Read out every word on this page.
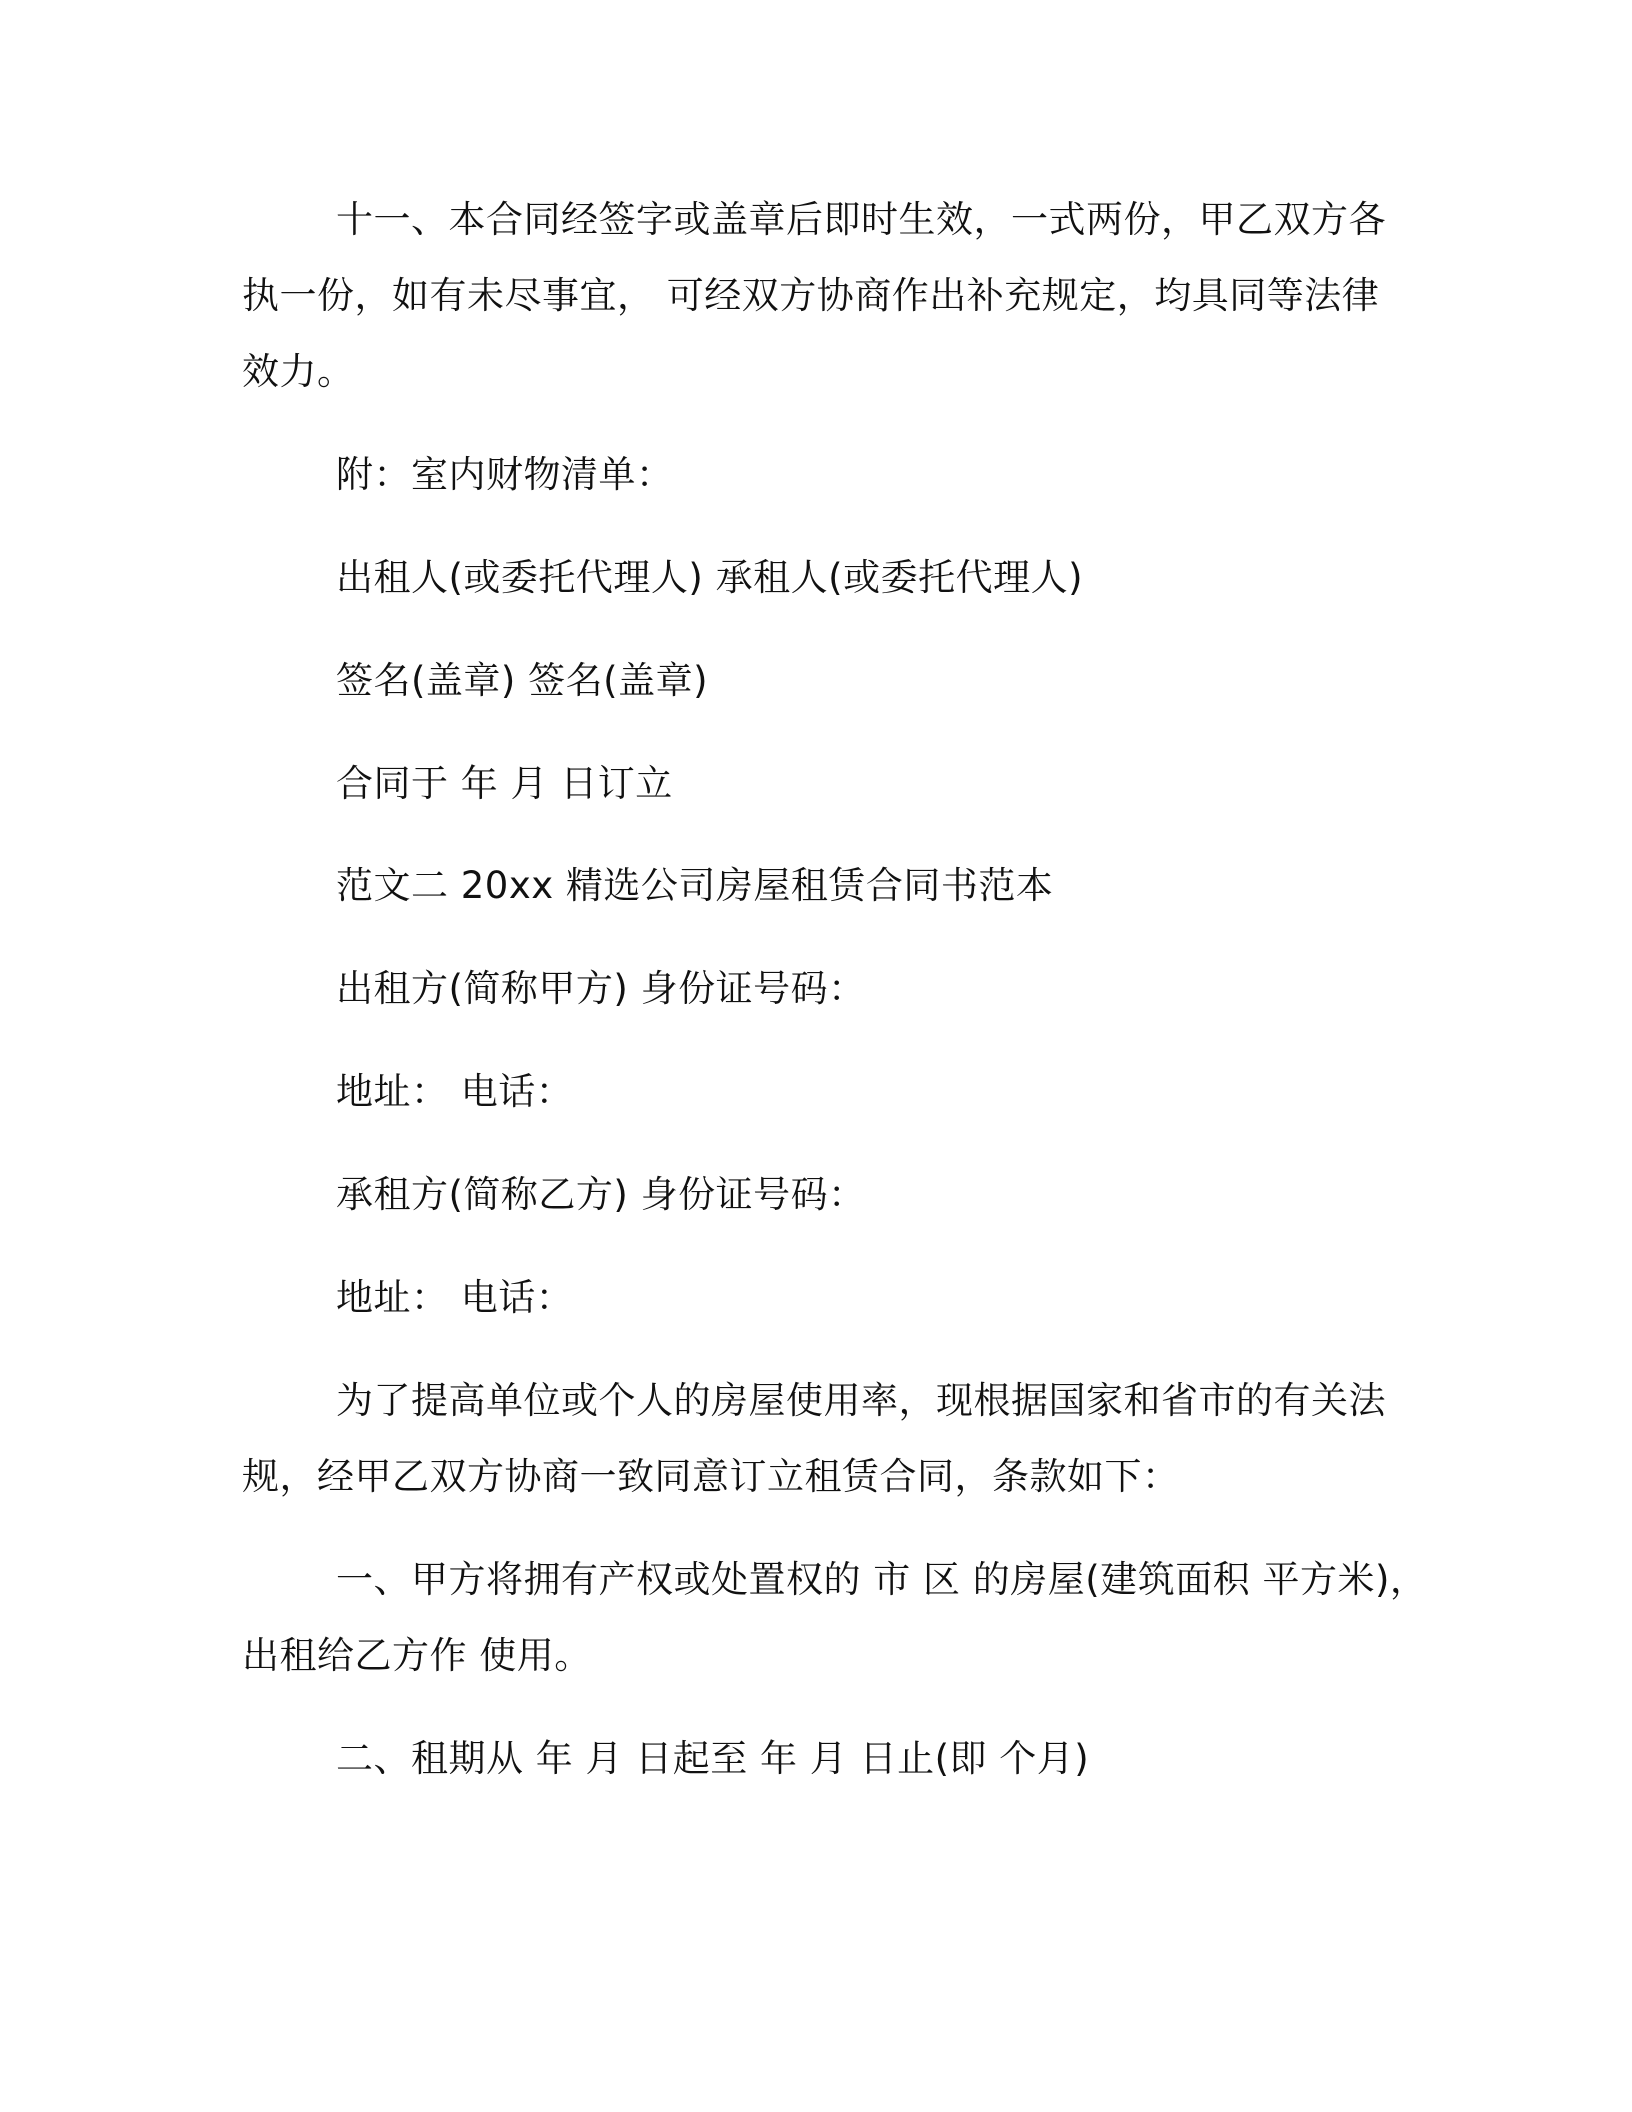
十一、本合同经签字或盖章后即时生效，一式两份，甲乙双方各
执一份，如有未尽事宜， 可经双方协商作出补充规定，均具同等法律
效力。
附：室内财物清单：
出租人(或委托代理人) 承租人(或委托代理人)
签名(盖章) 签名(盖章)
合同于 年 月 日订立
范文二 20xx 精选公司房屋租赁合同书范本
出租方(简称甲方) 身份证号码：
地址： 电话：
承租方(简称乙方) 身份证号码：
地址： 电话：
为了提高单位或个人的房屋使用率，现根据国家和省市的有关法
规，经甲乙双方协商一致同意订立租赁合同，条款如下：
一、甲方将拥有产权或处置权的 市 区 的房屋(建筑面积 平方米)，
出租给乙方作 使用。
二、租期从 年 月 日起至 年 月 日止(即 个月)
